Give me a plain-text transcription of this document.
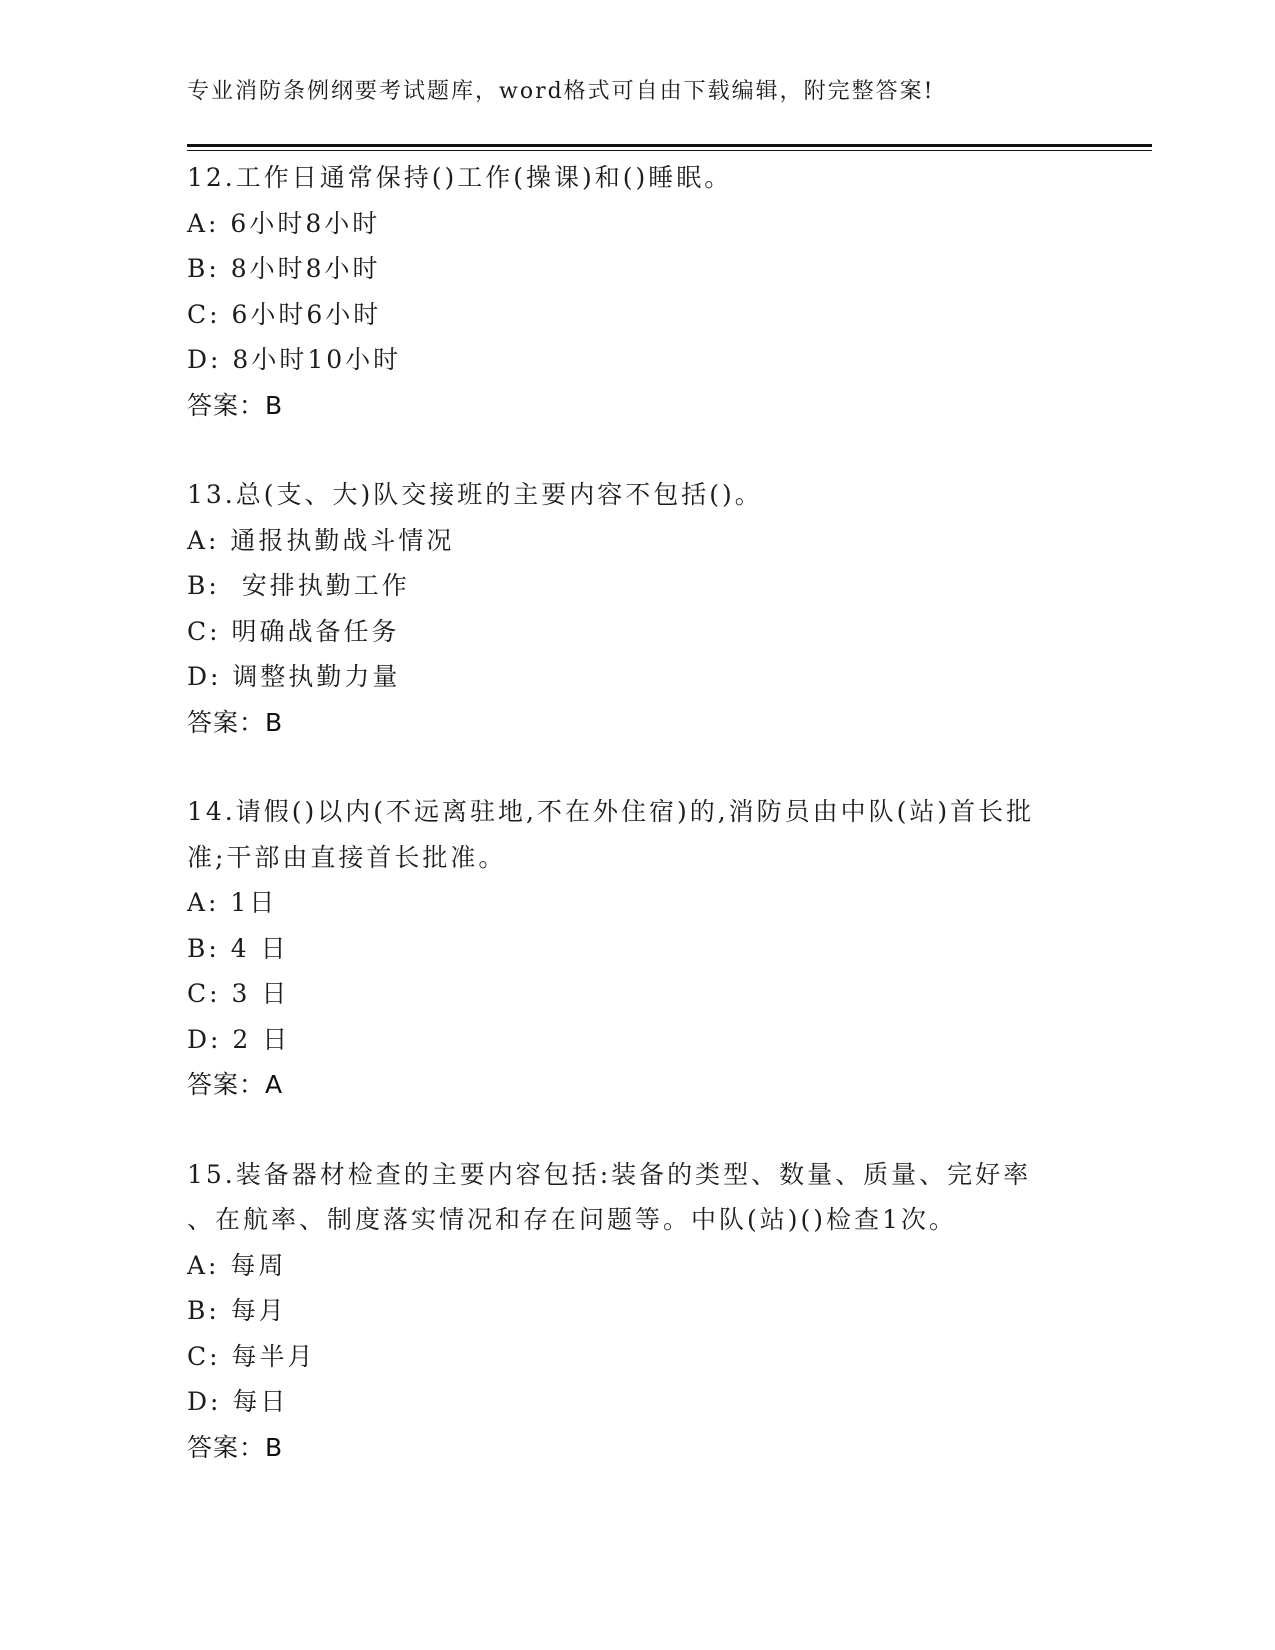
专业消防条例纲要考试题库，word格式可自由下载编辑，附完整答案!
12.工作日通常保持()工作(操课)和()睡眠。
A: 6小时8小时
B: 8小时8小时
C: 6小时6小时
D: 8小时10小时
答案：B
13.总(支、大)队交接班的主要内容不包括()。
A: 通报执勤战斗情况
B:  安排执勤工作
C: 明确战备任务
D: 调整执勤力量
答案：B
14.请假()以内(不远离驻地,不在外住宿)的,消防员由中队(站)首长批
准;干部由直接首长批准。
A: 1日
B: 4 日
C: 3 日
D: 2 日
答案：A
15.装备器材检查的主要内容包括:装备的类型、数量、质量、完好率
、在航率、制度落实情况和存在问题等。中队(站)()检查1次。
A: 每周
B: 每月
C: 每半月
D: 每日
答案：B
